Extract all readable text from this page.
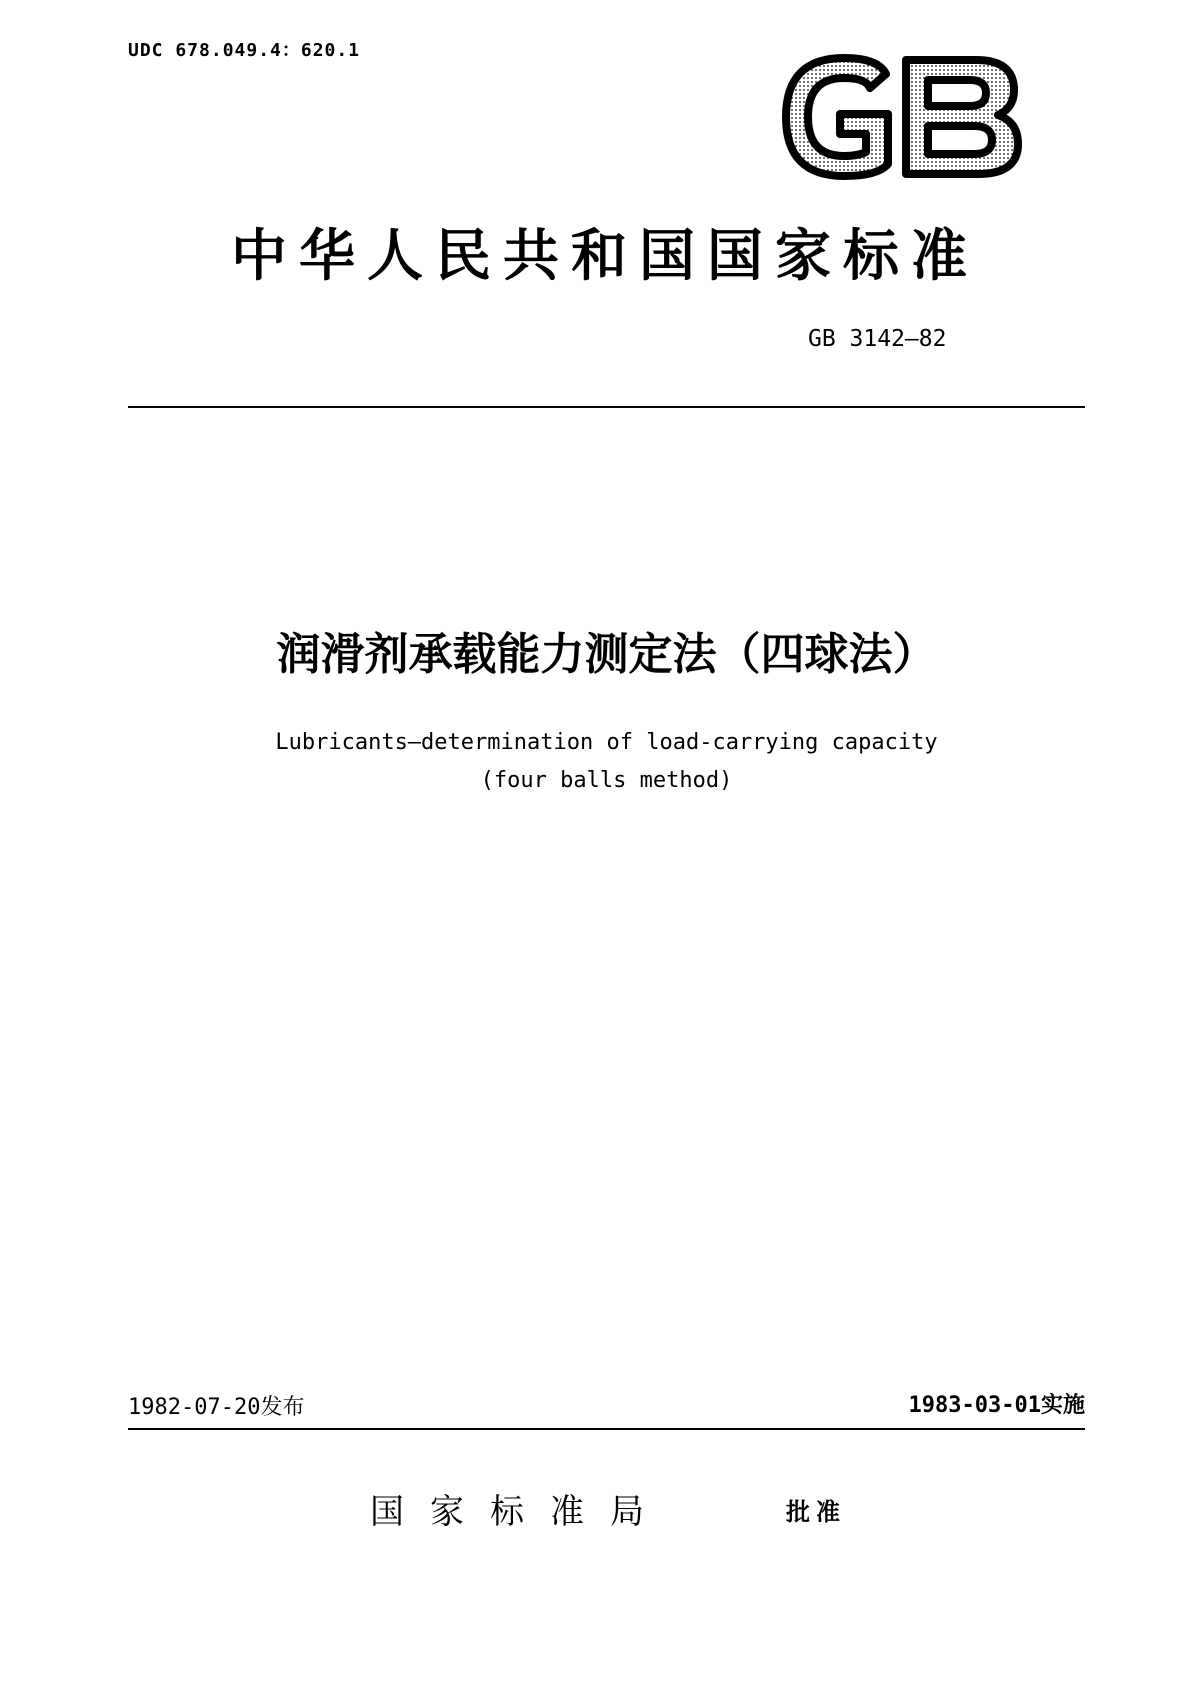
UDC 678.049.4：620.1
中华人民共和国国家标准
GB 3142—82
润滑剂承载能力测定法（四球法）
Lubricants—determination of load-carrying capacity
(four balls method)
1982-07-20发布	1983-03-01实施
国家标准局	批准
